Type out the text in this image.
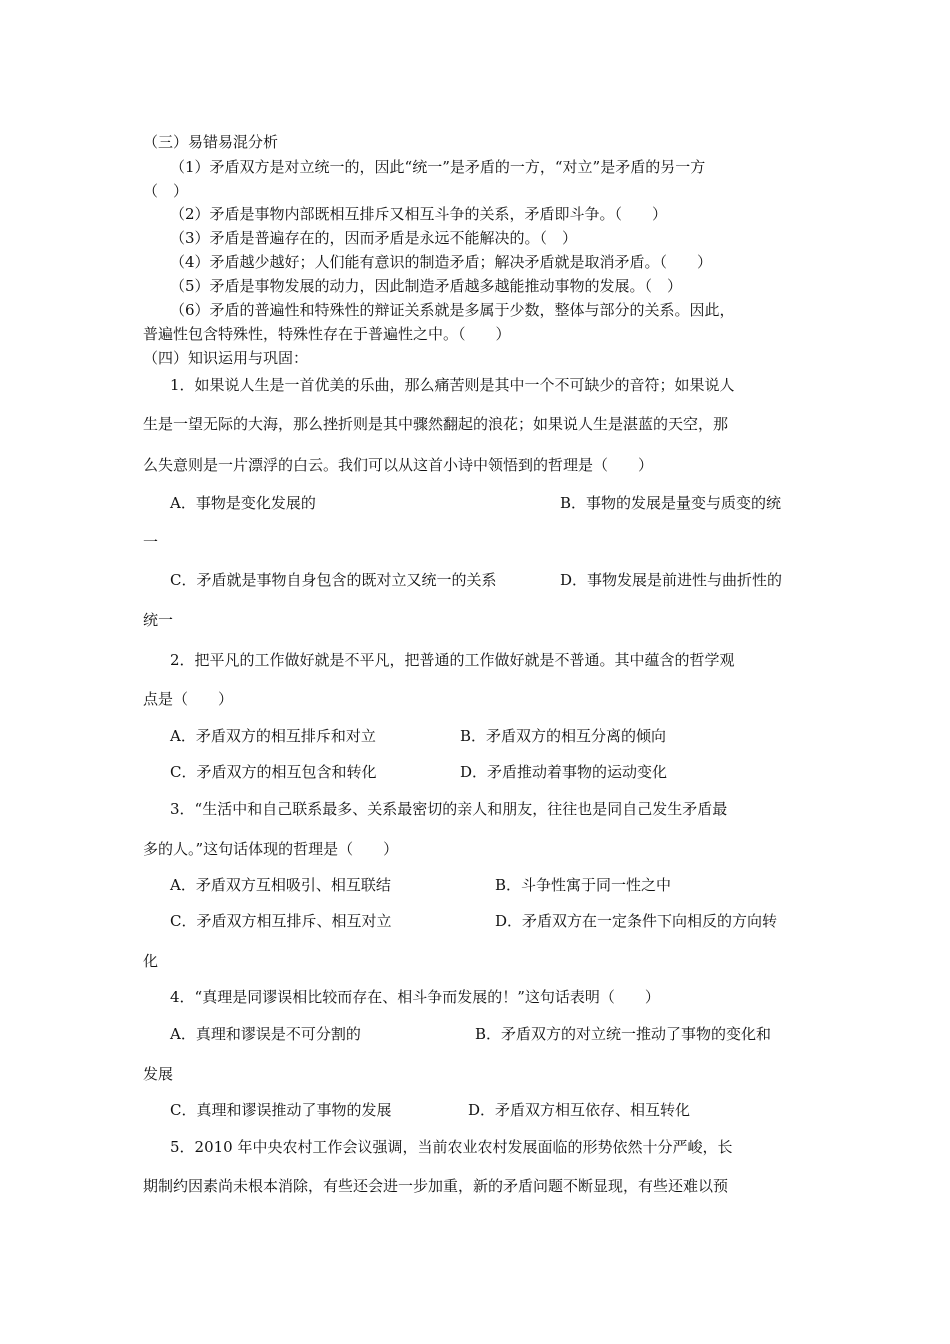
（三）易错易混分析
（1）矛盾双方是对立统一的，因此“统一”是矛盾的一方，“对立”是矛盾的另一方
（　）
（2）矛盾是事物内部既相互排斥又相互斗争的关系，矛盾即斗争。（　　）
（3）矛盾是普遍存在的，因而矛盾是永远不能解决的。（　）
（4）矛盾越少越好；人们能有意识的制造矛盾；解决矛盾就是取消矛盾。（　　）
（5）矛盾是事物发展的动力，因此制造矛盾越多越能推动事物的发展。（　）
（6）矛盾的普遍性和特殊性的辩证关系就是多属于少数，整体与部分的关系。因此，
普遍性包含特殊性，特殊性存在于普遍性之中。（　　）
（四）知识运用与巩固：
1．如果说人生是一首优美的乐曲，那么痛苦则是其中一个不可缺少的音符；如果说人
生是一望无际的大海，那么挫折则是其中骤然翻起的浪花；如果说人生是湛蓝的天空，那
么失意则是一片漂浮的白云。我们可以从这首小诗中领悟到的哲理是（　　）
A．事物是变化发展的	B．事物的发展是量变与质变的统
一
C．矛盾就是事物自身包含的既对立又统一的关系	D．事物发展是前进性与曲折性的
统一
2．把平凡的工作做好就是不平凡，把普通的工作做好就是不普通。其中蕴含的哲学观
点是（　　）
A．矛盾双方的相互排斥和对立	B．矛盾双方的相互分离的倾向
C．矛盾双方的相互包含和转化	D．矛盾推动着事物的运动变化
3．“生活中和自己联系最多、关系最密切的亲人和朋友，往往也是同自己发生矛盾最
多的人。”这句话体现的哲理是（　　）
A．矛盾双方互相吸引、相互联结	B．斗争性寓于同一性之中
C．矛盾双方相互排斥、相互对立	D．矛盾双方在一定条件下向相反的方向转
化
4．“真理是同谬误相比较而存在、相斗争而发展的！”这句话表明（　　）
A．真理和谬误是不可分割的	B．矛盾双方的对立统一推动了事物的变化和
发展
C．真理和谬误推动了事物的发展	D．矛盾双方相互依存、相互转化
5．2010 年中央农村工作会议强调，当前农业农村发展面临的形势依然十分严峻，长
期制约因素尚未根本消除，有些还会进一步加重，新的矛盾问题不断显现，有些还难以预
